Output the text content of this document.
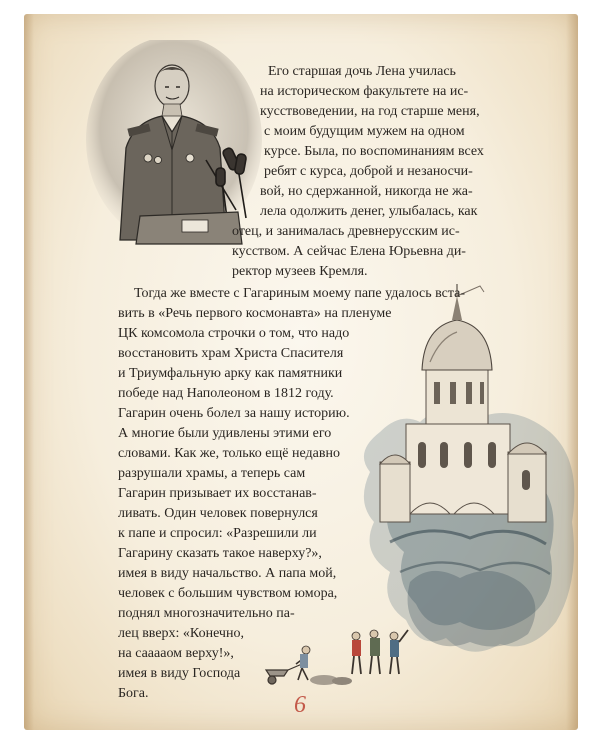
Его старшая дочь Лена училась
на историческом факультете на ис-
кусствоведении, на год старше меня,
с моим будущим мужем на одном
курсе. Была, по воспоминаниям всех
ребят с курса, доброй и незаносчи-
вой, но сдержанной, никогда не жа-
лела одолжить денег, улыбалась, как
отец, и занималась древнерусским ис-
кусством. А сейчас Елена Юрьевна ди-
ректор музеев Кремля.
Тогда же вместе с Гагариным моему папе удалось вста-
вить в «Речь первого космонавта» на пленуме
ЦК комсомола строчки о том, что надо
восстановить храм Христа Спасителя
и Триумфальную арку как памятники
победе над Наполеоном в 1812 году.
Гагарин очень болел за нашу историю.
А многие были удивлены этими его
словами. Как же, только ещё недавно
разрушали храмы, а теперь сам
Гагарин призывает их восстанав-
ливать. Один человек повернулся
к папе и спросил: «Разрешили ли
Гагарину сказать такое наверху?»,
имея в виду начальство. А папа мой,
человек с большим чувством юмора,
поднял многозначительно па-
лец вверх: «Конечно,
на сааааом верху!»,
имея в виду Господа
Бога.	6
